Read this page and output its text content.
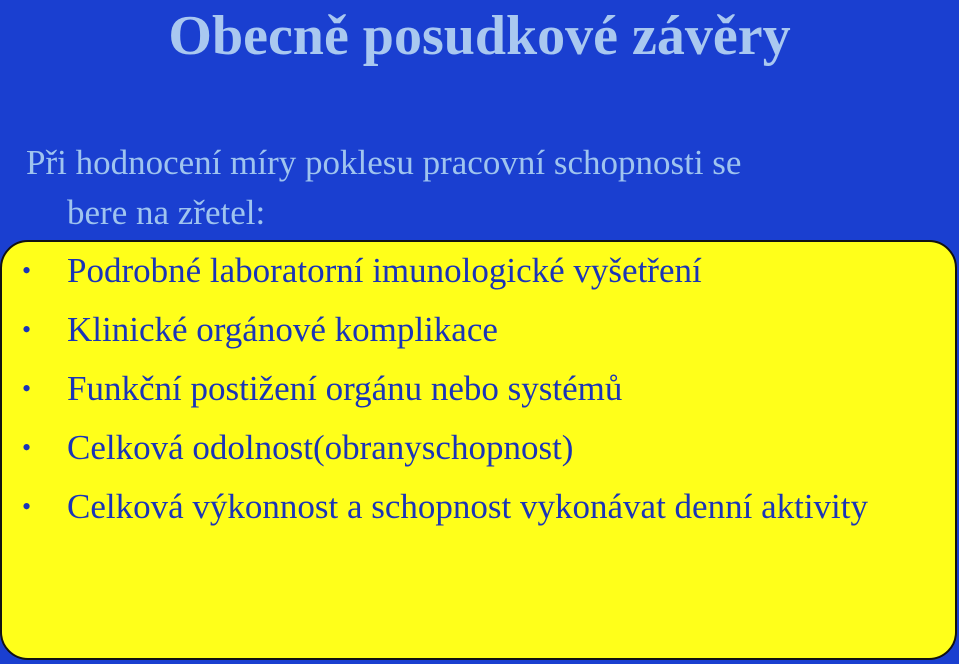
Obecně posudkové závěry
Při hodnocení míry poklesu pracovní schopnosti se
bere na zřetel:
• Podrobné laboratorní imunologické vyšetření
• Klinické orgánové komplikace
• Funkční postižení orgánu nebo systémů
• Celková odolnost(obranyschopnost)
• Celková výkonnost a schopnost vykonávat denní aktivity
